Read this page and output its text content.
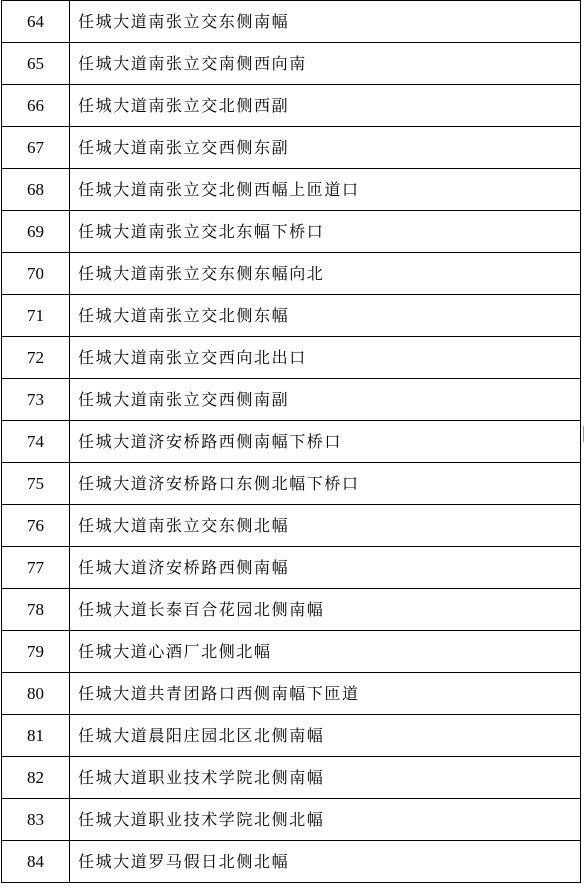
64	任城大道南张立交东侧南幅
65	任城大道南张立交南侧西向南
66	任城大道南张立交北侧西副
67	任城大道南张立交西侧东副
68	任城大道南张立交北侧西幅上匝道口
69	任城大道南张立交北东幅下桥口
70	任城大道南张立交东侧东幅向北
71	任城大道南张立交北侧东幅
72	任城大道南张立交西向北出口
73	任城大道南张立交西侧南副
74	任城大道济安桥路西侧南幅下桥口
75	任城大道济安桥路口东侧北幅下桥口
76	任城大道南张立交东侧北幅
77	任城大道济安桥路西侧南幅
78	任城大道长泰百合花园北侧南幅
79	任城大道心酒厂北侧北幅
80	任城大道共青团路口西侧南幅下匝道
81	任城大道晨阳庄园北区北侧南幅
82	任城大道职业技术学院北侧南幅
83	任城大道职业技术学院北侧北幅
84	任城大道罗马假日北侧北幅
